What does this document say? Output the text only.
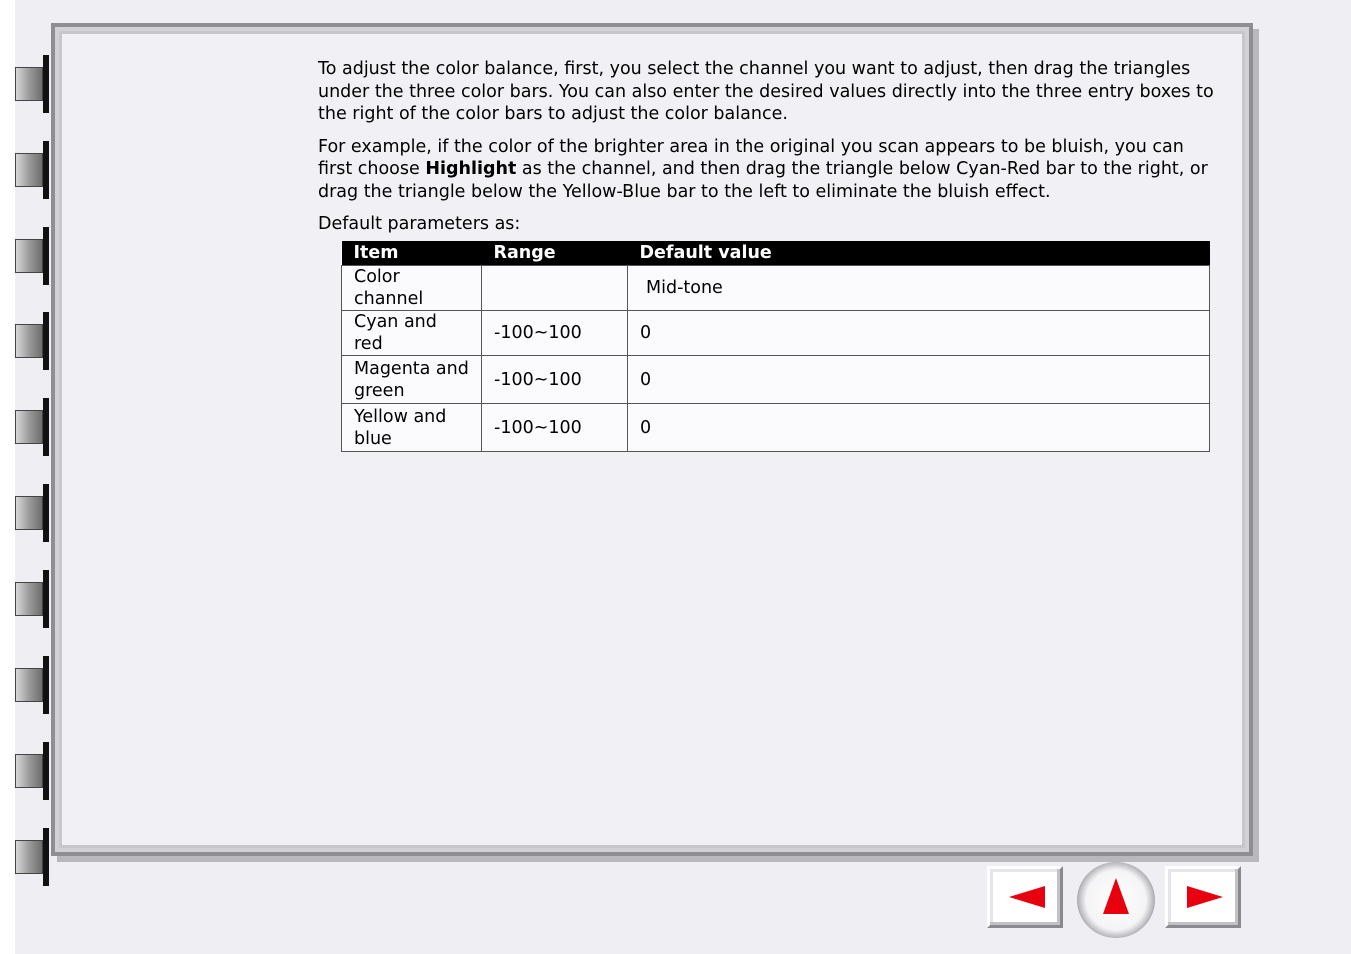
To adjust the color balance, first, you select the channel you want to adjust, then drag the triangles under the three color bars. You can also enter the desired values directly into the three entry boxes to the right of the color bars to adjust the color balance.

For example, if the color of the brighter area in the original you scan appears to be bluish, you can first choose Highlight as the channel, and then drag the triangle below Cyan-Red bar to the right, or drag the triangle below the Yellow-Blue bar to the left to eliminate the bluish effect.

Default parameters as:

Item	Range	Default value
Color channel		Mid-tone
Cyan and red	-100~100	0
Magenta and green	-100~100	0
Yellow and blue	-100~100	0
